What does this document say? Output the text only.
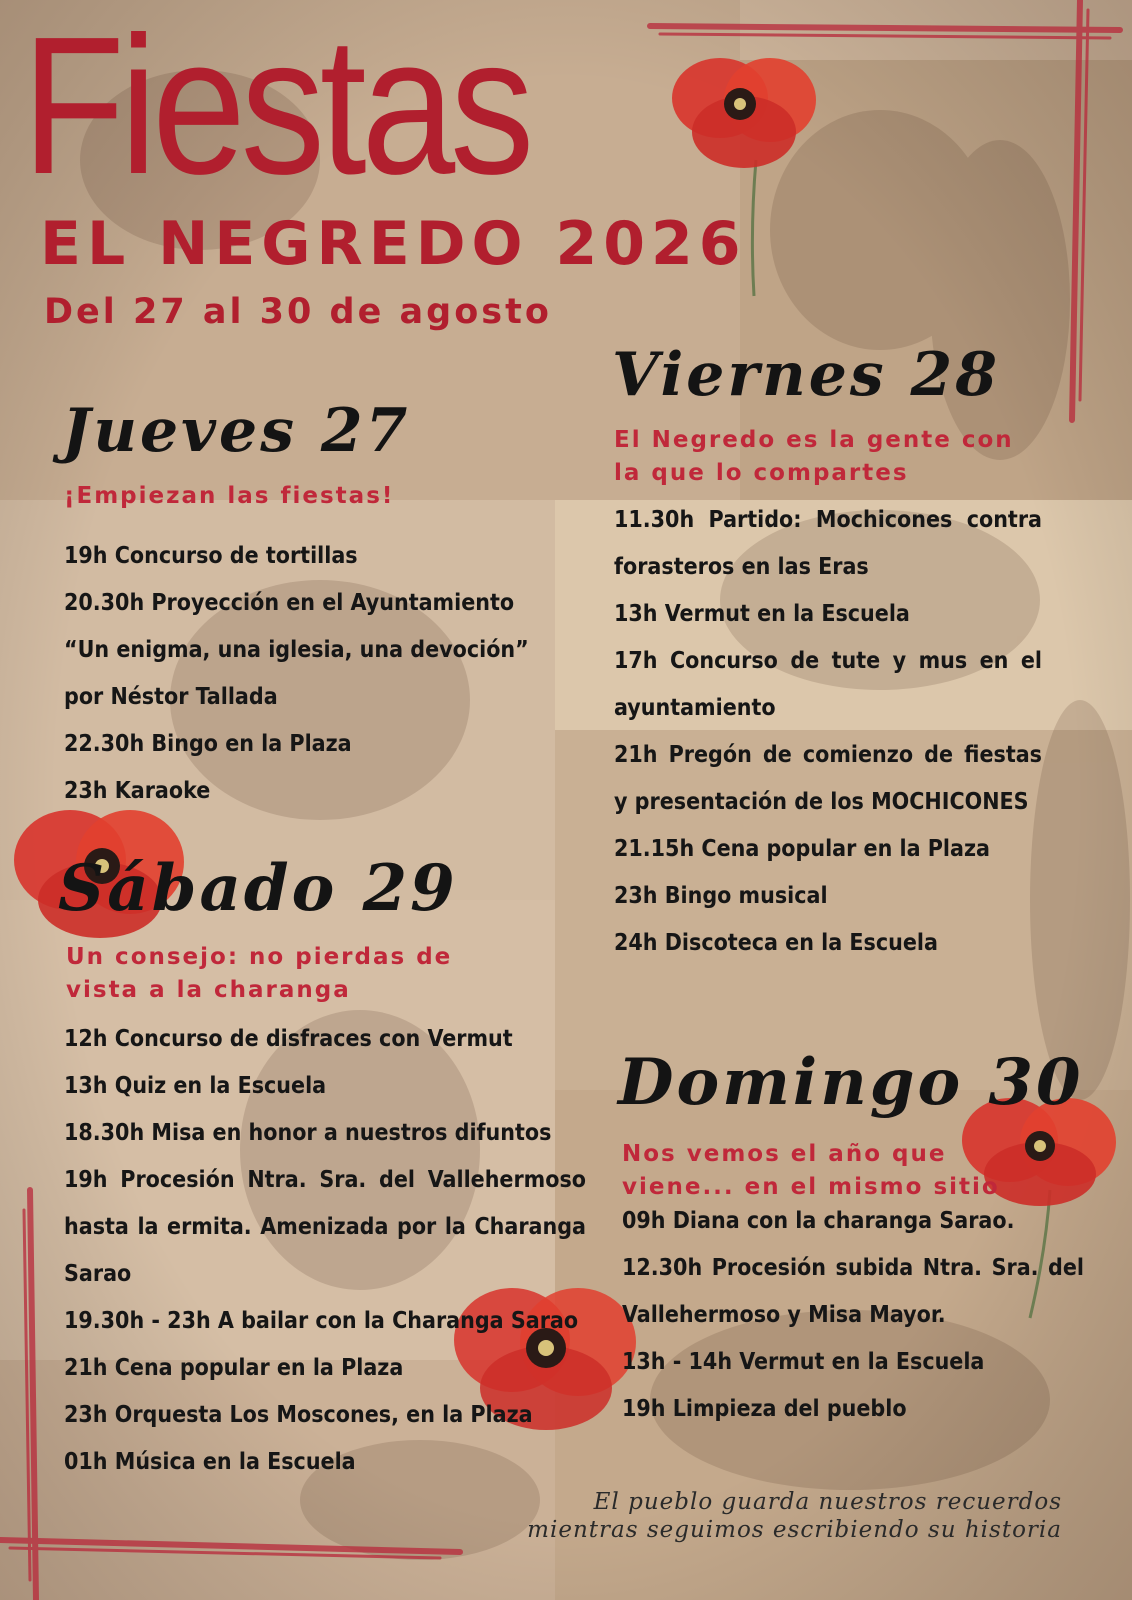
Fiestas
EL NEGREDO 2026
Del 27 al 30 de agosto
Jueves 27
¡Empiezan las fiestas!

19h Concurso de tortillas

20.30h Proyección en el Ayuntamiento

“Un enigma, una iglesia, una devoción”

por Néstor Tallada

22.30h Bingo en la Plaza

23h Karaoke

Viernes 28
El Negredo es la gente con la que lo compartes

11.30h Partido: Mochicones contra forasteros en las Eras

13h Vermut en la Escuela

17h Concurso de tute y mus en el ayuntamiento

21h Pregón de comienzo de fiestas y presentación de los MOCHICONES

21.15h Cena popular en la Plaza

23h Bingo musical

24h Discoteca en la Escuela

Sábado 29
Un consejo: no pierdas de vista a la charanga

12h Concurso de disfraces con Vermut

13h Quiz en la Escuela

18.30h Misa en honor a nuestros difuntos

19h Procesión Ntra. Sra. del Vallehermoso hasta la ermita. Amenizada por la Charanga Sarao

19.30h - 23h A bailar con la Charanga Sarao

21h Cena popular en la Plaza

23h Orquesta Los Moscones, en la Plaza

01h Música en la Escuela

Domingo 30
Nos vemos el año que viene... en el mismo sitio

09h Diana con la charanga Sarao.

12.30h Procesión subida Ntra. Sra. del Vallehermoso y Misa Mayor.

13h - 14h Vermut en la Escuela

19h Limpieza del pueblo

El pueblo guarda nuestros recuerdos
mientras seguimos escribiendo su historia
